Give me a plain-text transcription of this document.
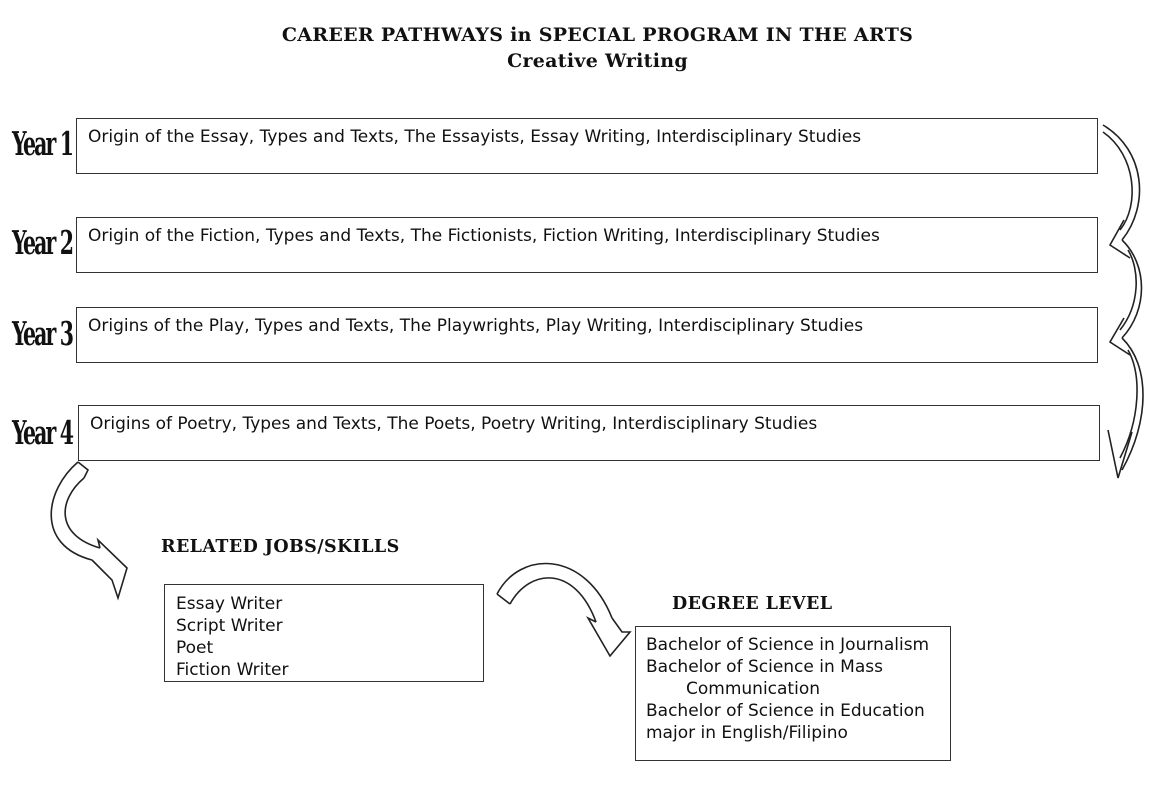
CAREER PATHWAYS in SPECIAL PROGRAM IN THE ARTS
Creative Writing
Year 1 Origin of the Essay, Types and Texts, The Essayists, Essay Writing, Interdisciplinary Studies
Year 2 Origin of the Fiction, Types and Texts, The Fictionists, Fiction Writing, Interdisciplinary Studies
Year 3 Origins of the Play, Types and Texts, The Playwrights, Play Writing, Interdisciplinary Studies
Year 4	Origins of Poetry, Types and Texts, The Poets, Poetry Writing, Interdisciplinary Studies
RELATED JOBS/SKILLS
Essay Writer
Script Writer
Poet
Fiction Writer
DEGREE LEVEL
Bachelor of Science in Journalism
Bachelor of Science in Mass
Communication
Bachelor of Science in Education
major in English/Filipino
